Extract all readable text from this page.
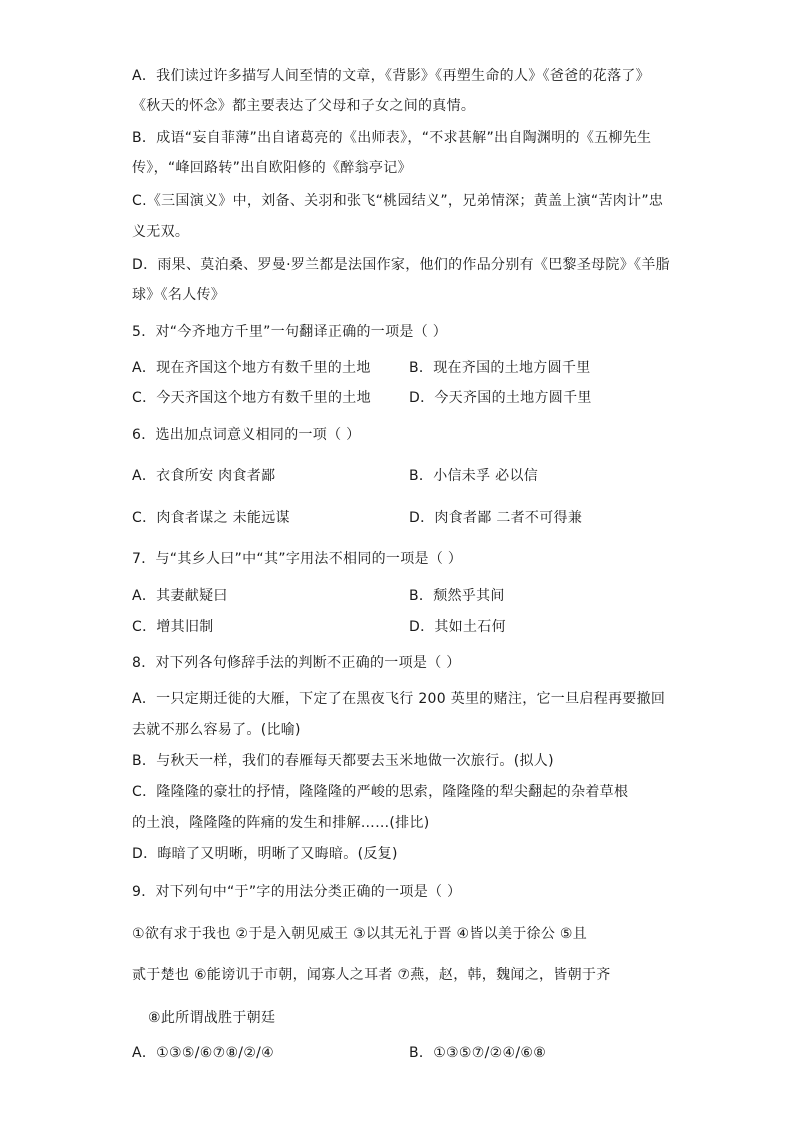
A．我们读过许多描写人间至情的文章，《背影》《再塑生命的人》《爸爸的花落了》
《秋天的怀念》都主要表达了父母和子女之间的真情。
B．成语“妄自菲薄”出自诸葛亮的《出师表》，“不求甚解”出自陶渊明的《五柳先生
传》，“峰回路转”出自欧阳修的《醉翁亭记》
C.《三国演义》中，刘备、关羽和张飞“桃园结义”，兄弟情深；黄盖上演“苦肉计”忠
义无双。
D．雨果、莫泊桑、罗曼·罗兰都是法国作家，他们的作品分别有《巴黎圣母院》《羊脂
球》《名人传》
5．对“今齐地方千里”一句翻译正确的一项是（ ）
A．现在齐国这个地方有数千里的土地	B．现在齐国的土地方圆千里
C．今天齐国这个地方有数千里的土地	D．今天齐国的土地方圆千里
6．选出加点词意义相同的一项（ ）
A．衣食所安 肉食者鄙	B．小信未孚 必以信
C．肉食者谋之 未能远谋	D．肉食者鄙 二者不可得兼
7．与“其乡人曰”中“其”字用法不相同的一项是（ ）
A．其妻献疑曰	B．颓然乎其间
C．增其旧制	D．其如土石何
8．对下列各句修辞手法的判断不正确的一项是（ ）
A．一只定期迁徙的大雁，下定了在黑夜飞行 200 英里的赌注，它一旦启程再要撤回
去就不那么容易了。(比喻)
B．与秋天一样，我们的春雁每天都要去玉米地做一次旅行。(拟人)
C．隆隆隆的豪壮的抒情，隆隆隆的严峻的思索，隆隆隆的犁尖翻起的杂着草根
的土浪，隆隆隆的阵痛的发生和排解……(排比)
D．晦暗了又明晰，明晰了又晦暗。(反复)
9．对下列句中“于”字的用法分类正确的一项是（ ）
①欲有求于我也 ②于是入朝见威王 ③以其无礼于晋 ④皆以美于徐公 ⑤且
贰于楚也 ⑥能谤讥于市朝，闻寡人之耳者 ⑦燕，赵，韩，魏闻之，皆朝于齐
⑧此所谓战胜于朝廷
A．①③⑤/⑥⑦⑧/②/④	B．①③⑤⑦/②④/⑥⑧
